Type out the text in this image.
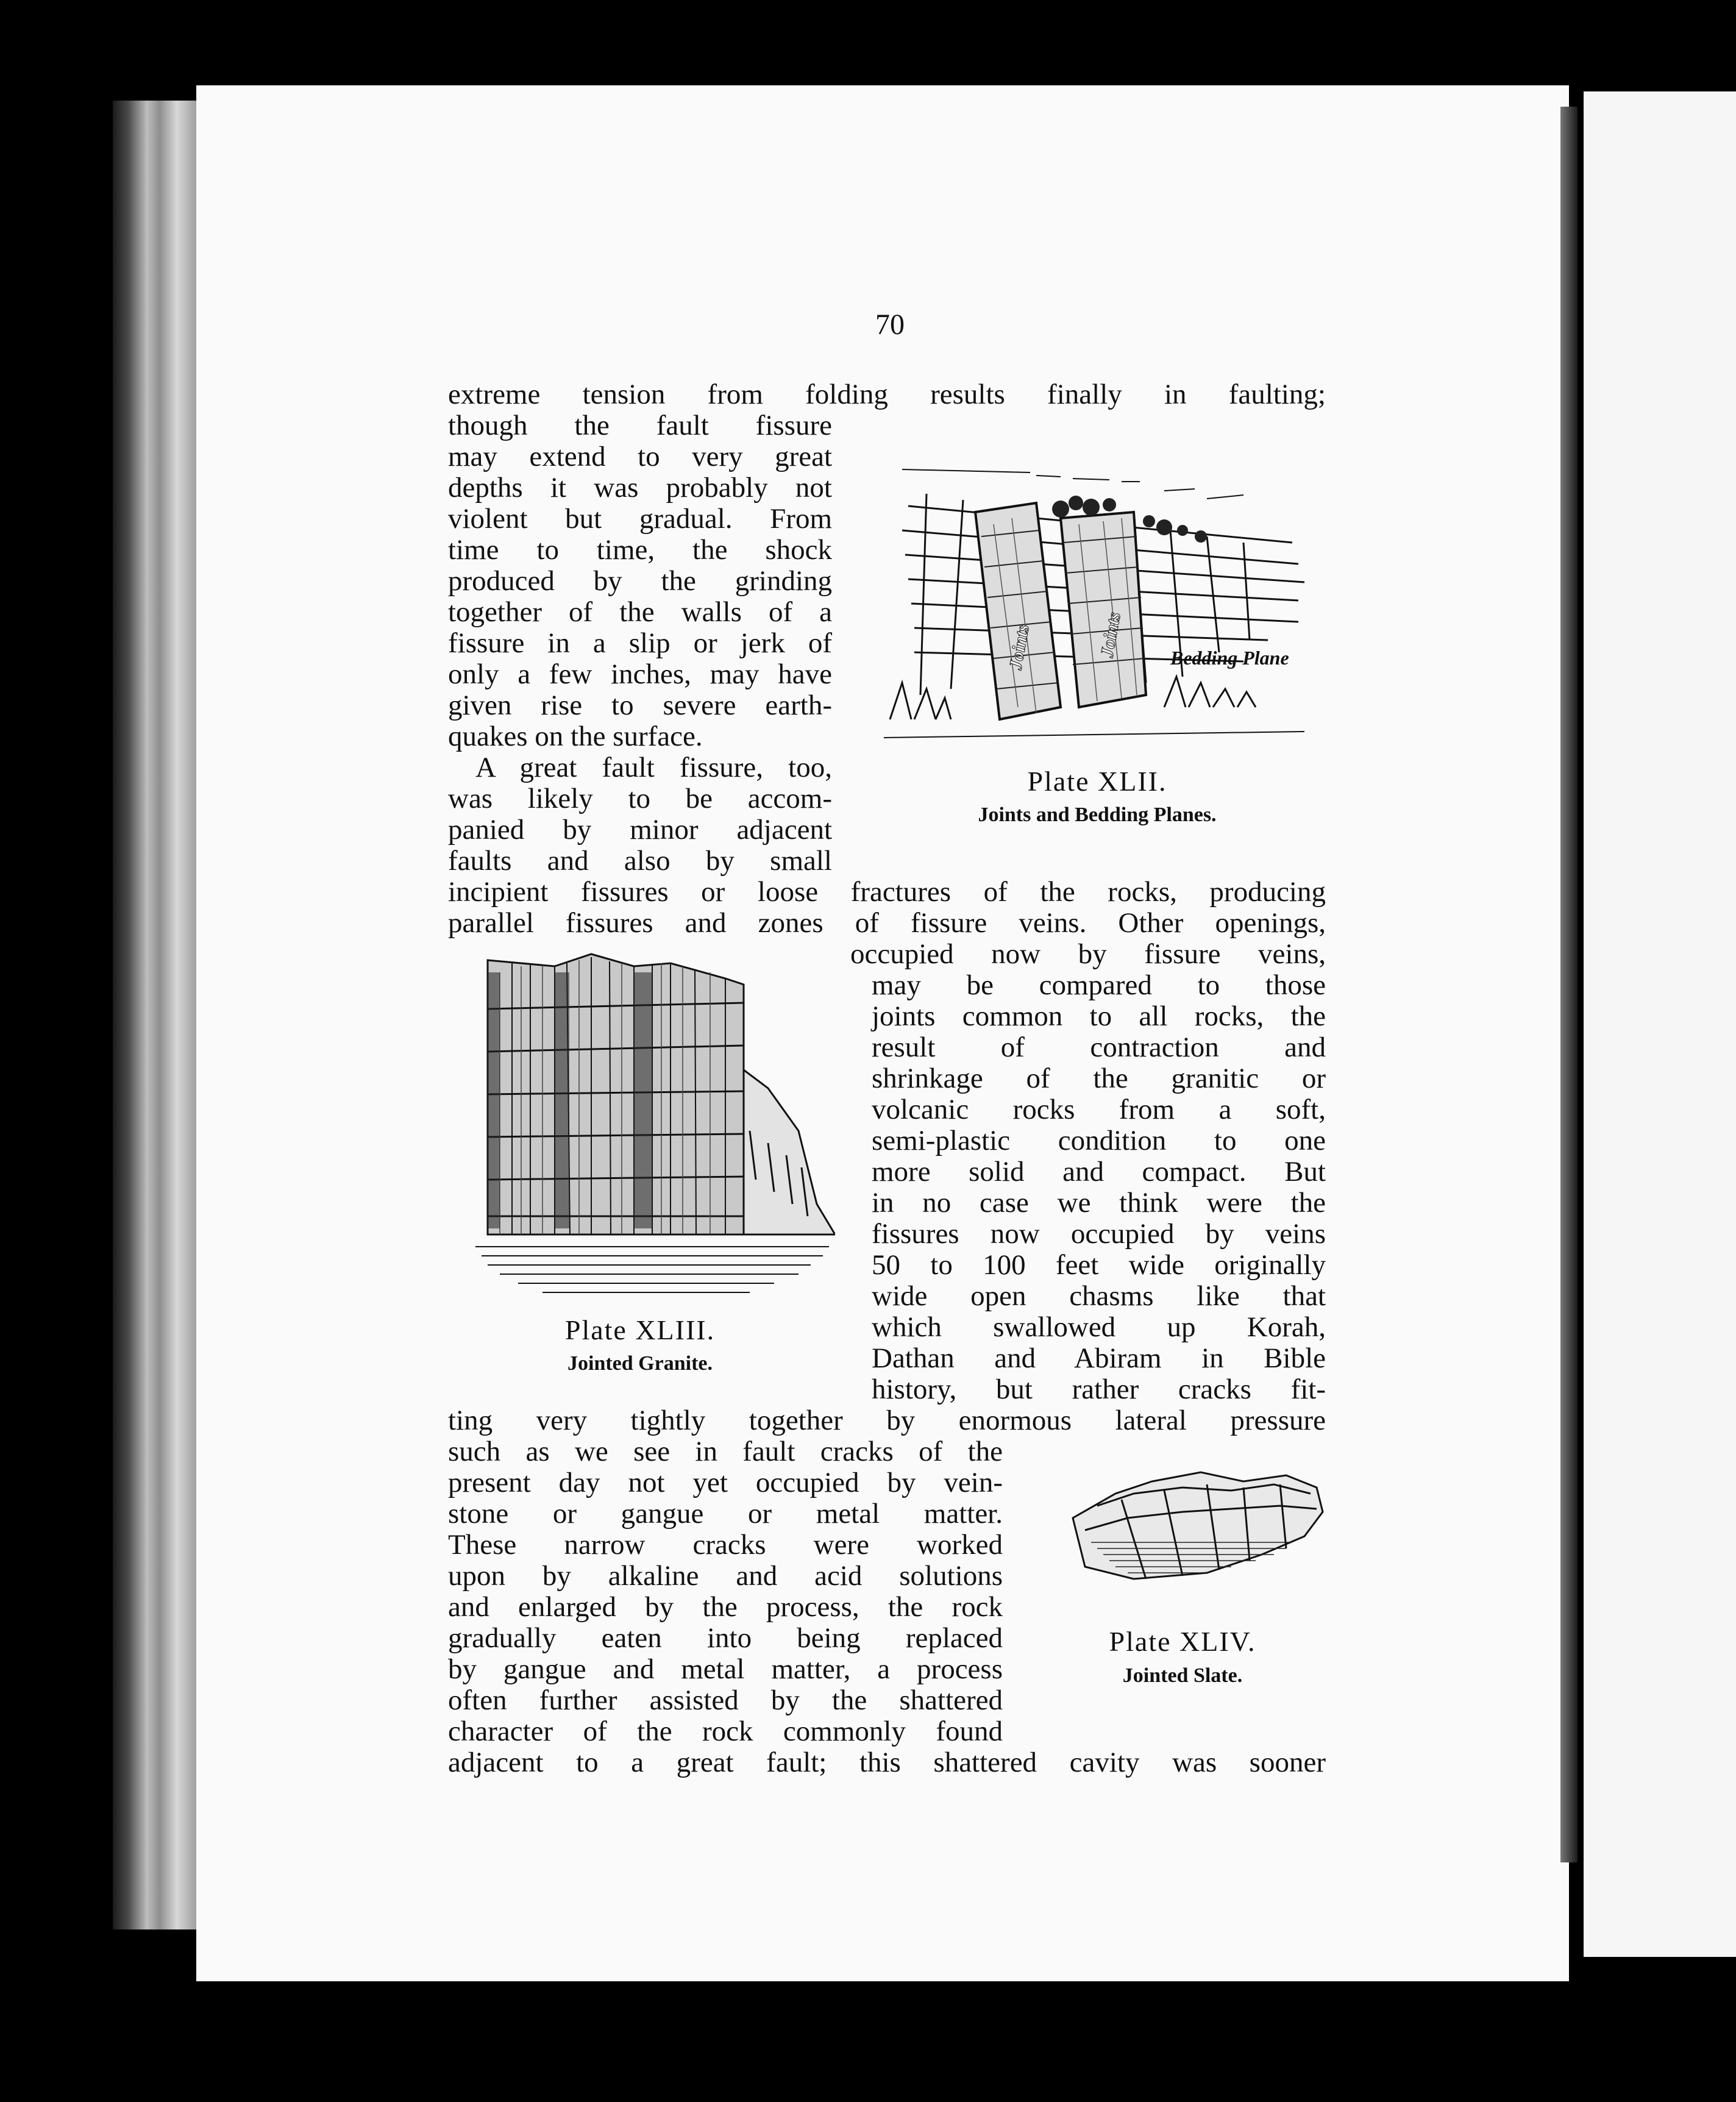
70
extreme tension from folding results finally in faulting;
though the fault fissure
may extend to very great
depths it was probably not
violent but gradual. From
time to time, the shock
produced by the grinding
together of the walls of a
fissure in a slip or jerk of
only a few inches, may have
given rise to severe earth-
quakes on the surface.
A great fault fissure, too,
was likely to be accom-
panied by minor adjacent
faults and also by small
incipient fissures or loose fractures of the rocks, producing
parallel fissures and zones of fissure veins. Other openings,
occupied now by fissure veins,
may be compared to those
joints common to all rocks, the
result of contraction and
shrinkage of the granitic or
volcanic rocks from a soft,
semi-plastic condition to one
more solid and compact. But
in no case we think were the
fissures now occupied by veins
50 to 100 feet wide originally
wide open chasms like that
which swallowed up Korah,
Dathan and Abiram in Bible
history, but rather cracks fit-
ting very tightly together by enormous lateral pressure
such as we see in fault cracks of the
present day not yet occupied by vein-
stone or gangue or metal matter.
These narrow cracks were worked
upon by alkaline and acid solutions
and enlarged by the process, the rock
gradually eaten into being replaced
by gangue and metal matter, a process
often further assisted by the shattered
character of the rock commonly found
adjacent to a great fault; this shattered cavity was sooner
Joints	Joints Bedding Plane
Plate XLII.
Joints and Bedding Planes.
Plate XLIII.
Jointed Granite.
Plate XLIV.
Jointed Slate.
